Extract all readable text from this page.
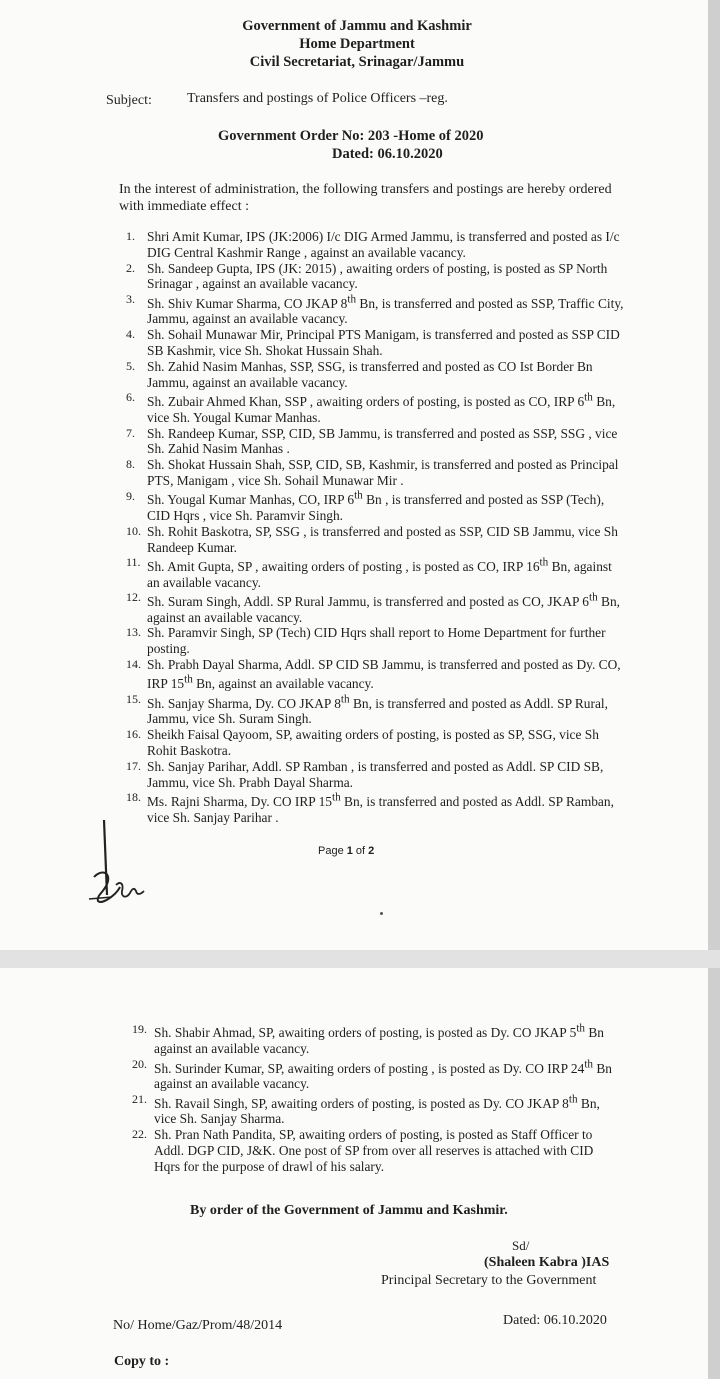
Government of Jammu and Kashmir
Home Department
Civil Secretariat, Srinagar/Jammu
Subject:	Transfers and postings of Police Officers –reg.
Government Order No: 203 -Home of 2020
Dated: 06.10.2020
In the interest of administration, the following transfers and postings are hereby ordered with immediate effect :
1. Shri Amit Kumar, IPS (JK:2006) I/c DIG Armed Jammu, is transferred and posted as I/c DIG Central Kashmir Range , against an available vacancy.
2. Sh. Sandeep Gupta, IPS (JK: 2015) , awaiting orders of posting, is posted as SP North Srinagar , against an available vacancy.
3. Sh. Shiv Kumar Sharma, CO JKAP 8th Bn, is transferred and posted as SSP, Traffic City, Jammu, against an available vacancy.
4. Sh. Sohail Munawar Mir, Principal PTS Manigam, is transferred and posted as SSP CID SB Kashmir, vice Sh. Shokat Hussain Shah.
5. Sh. Zahid Nasim Manhas, SSP, SSG, is transferred and posted as CO Ist Border Bn Jammu, against an available vacancy.
6. Sh. Zubair Ahmed Khan, SSP , awaiting orders of posting, is posted as CO, IRP 6th Bn, vice Sh. Yougal Kumar Manhas.
7. Sh. Randeep Kumar, SSP, CID, SB Jammu, is transferred and posted as SSP, SSG , vice Sh. Zahid Nasim Manhas .
8. Sh. Shokat Hussain Shah, SSP, CID, SB, Kashmir, is transferred and posted as Principal PTS, Manigam , vice Sh. Sohail Munawar Mir .
9. Sh. Yougal Kumar Manhas, CO, IRP 6th Bn , is transferred and posted as SSP (Tech), CID Hqrs , vice Sh. Paramvir Singh.
10. Sh. Rohit Baskotra, SP, SSG , is transferred and posted as SSP, CID SB Jammu, vice Sh Randeep Kumar.
11. Sh. Amit Gupta, SP , awaiting orders of posting , is posted as CO, IRP 16th Bn, against an available vacancy.
12. Sh. Suram Singh, Addl. SP Rural Jammu, is transferred and posted as CO, JKAP 6th Bn, against an available vacancy.
13. Sh. Paramvir Singh, SP (Tech) CID Hqrs shall report to Home Department for further posting.
14. Sh. Prabh Dayal Sharma, Addl. SP CID SB Jammu, is transferred and posted as Dy. CO, IRP 15th Bn, against an available vacancy.
15. Sh. Sanjay Sharma, Dy. CO JKAP 8th Bn, is transferred and posted as Addl. SP Rural, Jammu, vice Sh. Suram Singh.
16. Sheikh Faisal Qayoom, SP, awaiting orders of posting, is posted as SP, SSG, vice Sh Rohit Baskotra.
17. Sh. Sanjay Parihar, Addl. SP Ramban , is transferred and posted as Addl. SP CID SB, Jammu, vice Sh. Prabh Dayal Sharma.
18. Ms. Rajni Sharma, Dy. CO IRP 15th Bn, is transferred and posted as Addl. SP Ramban, vice Sh. Sanjay Parihar .
Page 1 of 2
19. Sh. Shabir Ahmad, SP, awaiting orders of posting, is posted as Dy. CO JKAP 5th Bn against an available vacancy.
20. Sh. Surinder Kumar, SP, awaiting orders of posting , is posted as Dy. CO IRP 24th Bn against an available vacancy.
21. Sh. Ravail Singh, SP, awaiting orders of posting, is posted as Dy. CO JKAP 8th Bn, vice Sh. Sanjay Sharma.
22. Sh. Pran Nath Pandita, SP, awaiting orders of posting, is posted as Staff Officer to Addl. DGP CID, J&K. One post of SP from over all reserves is attached with CID Hqrs for the purpose of drawl of his salary.
By order of the Government of Jammu and Kashmir.
Sd/
(Shaleen Kabra )IAS
Principal Secretary to the Government
No/ Home/Gaz/Prom/48/2014	Dated: 06.10.2020
Copy to :
